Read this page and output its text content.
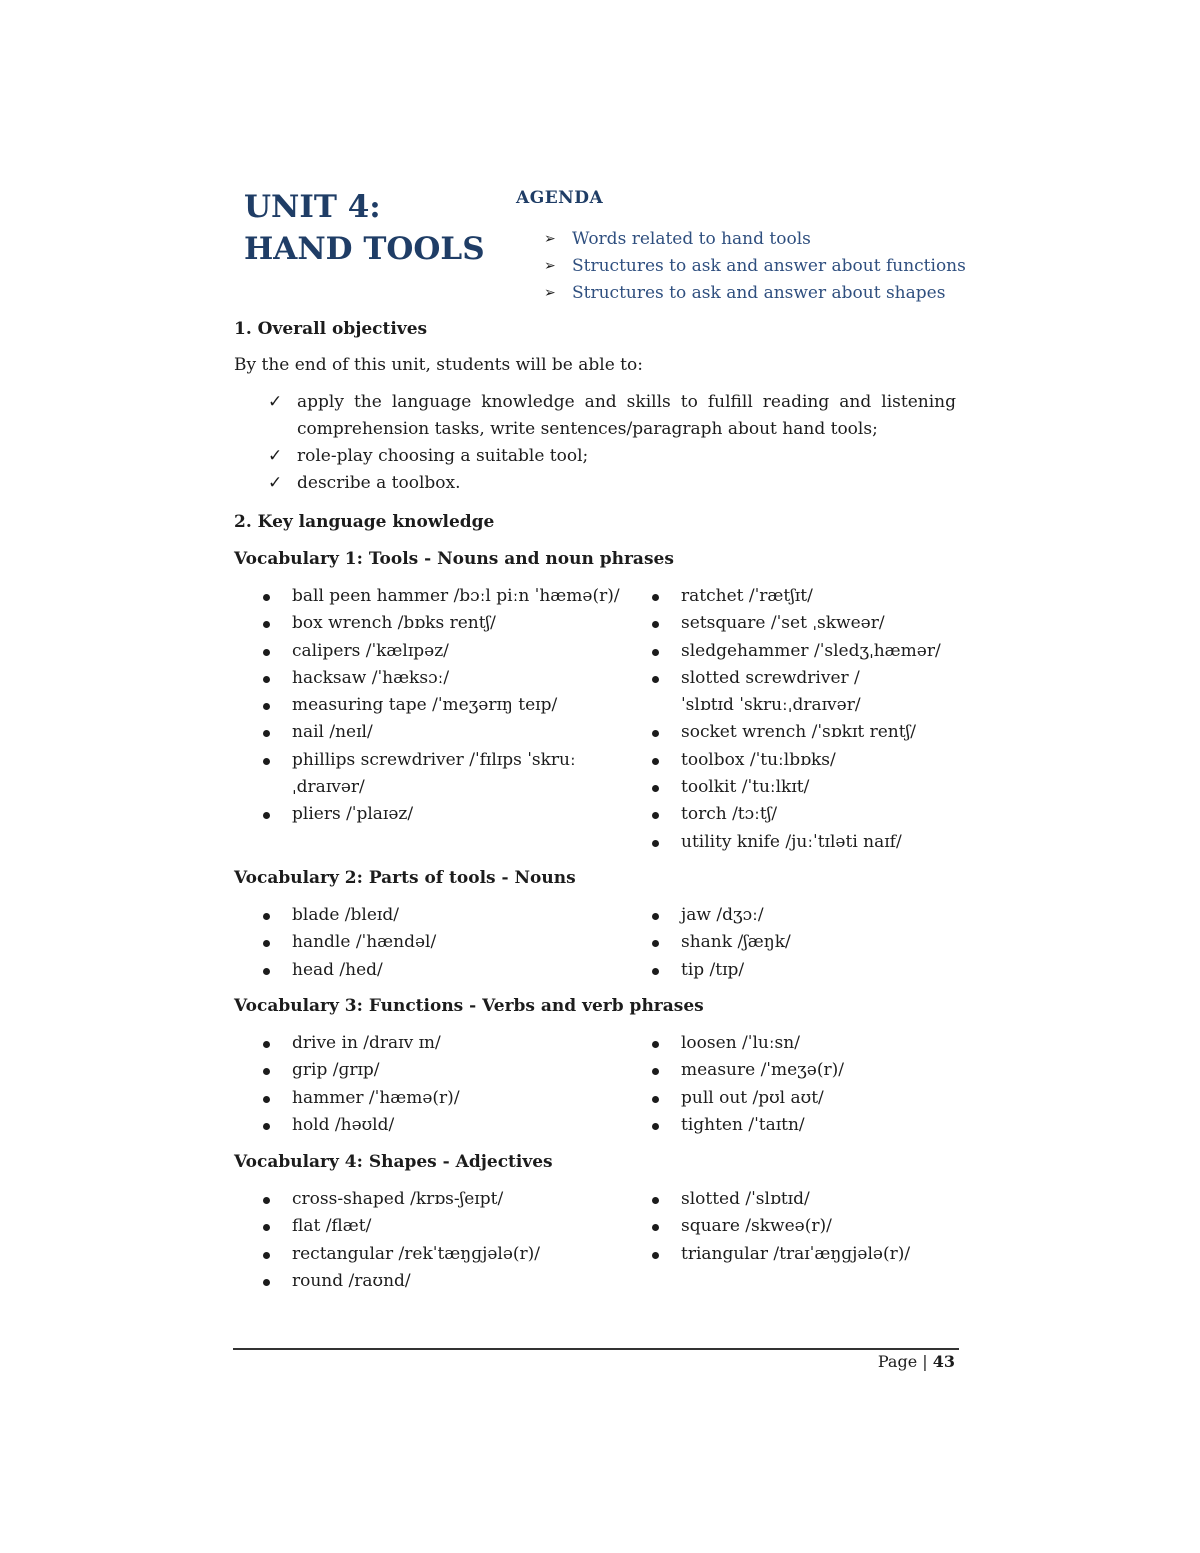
UNIT 4: HAND TOOLS
AGENDA
➢ Words related to hand tools
➢ Structures to ask and answer about functions
➢ Structures to ask and answer about shapes

1. Overall objectives

By the end of this unit, students will be able to:

✓ apply the language knowledge and skills to fulfill reading and listening comprehension tasks, write sentences/paragraph about hand tools;
✓ role-play choosing a suitable tool;
✓ describe a toolbox.

2. Key language knowledge

Vocabulary 1: Tools - Nouns and noun phrases

ball peen hammer /bɔːl piːn ˈhæmə(r)/
box wrench /bɒks rentʃ/
calipers /ˈkælɪpəz/
hacksaw /ˈhæksɔː/
measuring tape /ˈmeʒərɪŋ teɪp/
nail /neɪl/
phillips screwdriver /ˈfɪlɪps ˈskruːˌdraɪvər/
pliers /ˈplaɪəz/
ratchet /ˈrætʃɪt/
setsquare /ˈset ˌskweər/
sledgehammer /ˈsledʒˌhæmər/
slotted screwdriver /ˈslɒtɪd ˈskruːˌdraɪvər/
socket wrench /ˈsɒkɪt rentʃ/
toolbox /ˈtuːlbɒks/
toolkit /ˈtuːlkɪt/
torch /tɔːtʃ/
utility knife /juːˈtɪləti naɪf/

Vocabulary 2: Parts of tools - Nouns

blade /bleɪd/
handle /ˈhændəl/
head /hed/
jaw /dʒɔː/
shank /ʃæŋk/
tip /tɪp/

Vocabulary 3: Functions - Verbs and verb phrases

drive in /draɪv ɪn/
grip /ɡrɪp/
hammer /ˈhæmə(r)/
hold /həʊld/
loosen /ˈluːsn/
measure /ˈmeʒə(r)/
pull out /pʊl aʊt/
tighten /ˈtaɪtn/

Vocabulary 4: Shapes - Adjectives

cross-shaped /krɒs-ʃeɪpt/
flat /flæt/
rectangular /rekˈtæŋɡjələ(r)/
round /raʊnd/
slotted /ˈslɒtɪd/
square /skweə(r)/
triangular /traɪˈæŋɡjələ(r)/
Page | 43
